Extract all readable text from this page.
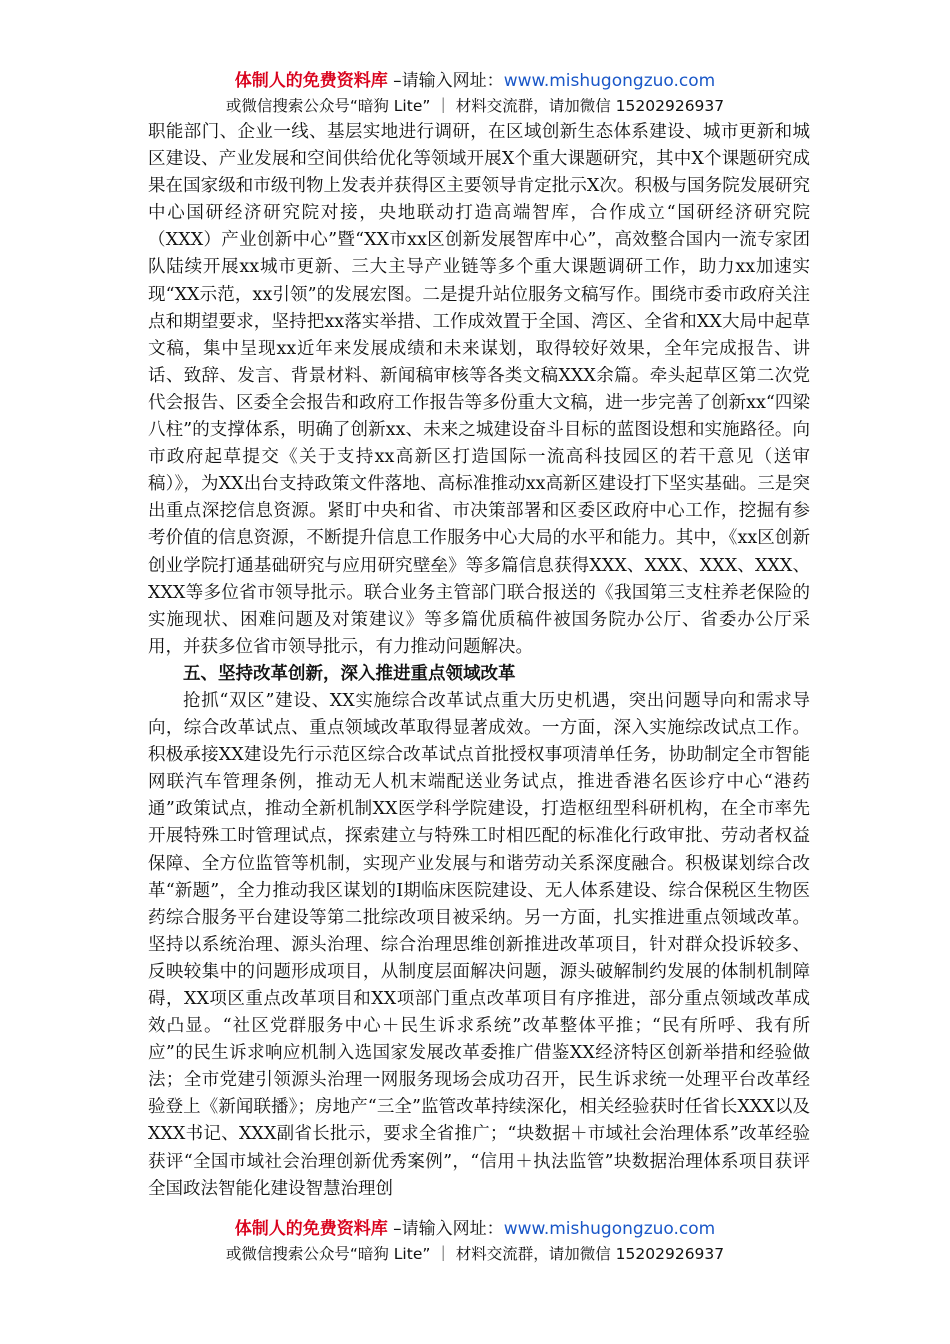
体制人的免费资料库 –请输入网址：www.mishugongzuo.com
或微信搜索公众号“暗狗 Lite” ｜ 材料交流群，请加微信 15202926937

职能部门、企业一线、基层实地进行调研，在区域创新生态体系建设、城市更新和城区建设、产业发展和空间供给优化等领域开展X个重大课题研究，其中X个课题研究成果在国家级和市级刊物上发表并获得区主要领导肯定批示X次。积极与国务院发展研究中心国研经济研究院对接，央地联动打造高端智库，合作成立“国研经济研究院（XXX）产业创新中心”暨“XX市xx区创新发展智库中心”，高效整合国内一流专家团队陆续开展xx城市更新、三大主导产业链等多个重大课题调研工作，助力xx加速实现“XX示范，xx引领”的发展宏图。二是提升站位服务文稿写作。围绕市委市政府关注点和期望要求，坚持把xx落实举措、工作成效置于全国、湾区、全省和XX大局中起草文稿，集中呈现xx近年来发展成绩和未来谋划，取得较好效果，全年完成报告、讲话、致辞、发言、背景材料、新闻稿审核等各类文稿XXX余篇。牵头起草区第二次党代会报告、区委全会报告和政府工作报告等多份重大文稿，进一步完善了创新xx“四梁八柱”的支撑体系，明确了创新xx、未来之城建设奋斗目标的蓝图设想和实施路径。向市政府起草提交《关于支持xx高新区打造国际一流高科技园区的若干意见（送审稿）》，为XX出台支持政策文件落地、高标准推动xx高新区建设打下坚实基础。三是突出重点深挖信息资源。紧盯中央和省、市决策部署和区委区政府中心工作，挖掘有参考价值的信息资源，不断提升信息工作服务中心大局的水平和能力。其中，《xx区创新创业学院打通基础研究与应用研究壁垒》等多篇信息获得XXX、XXX、XXX、XXX、XXX等多位省市领导批示。联合业务主管部门联合报送的《我国第三支柱养老保险的实施现状、困难问题及对策建议》等多篇优质稿件被国务院办公厅、省委办公厅采用，并获多位省市领导批示，有力推动问题解决。

五、坚持改革创新，深入推进重点领域改革

抢抓“双区”建设、XX实施综合改革试点重大历史机遇，突出问题导向和需求导向，综合改革试点、重点领域改革取得显著成效。一方面，深入实施综改试点工作。积极承接XX建设先行示范区综合改革试点首批授权事项清单任务，协助制定全市智能网联汽车管理条例，推动无人机末端配送业务试点，推进香港名医诊疗中心“港药通”政策试点，推动全新机制XX医学科学院建设，打造枢纽型科研机构，在全市率先开展特殊工时管理试点，探索建立与特殊工时相匹配的标准化行政审批、劳动者权益保障、全方位监管等机制，实现产业发展与和谐劳动关系深度融合。积极谋划综合改革“新题”，全力推动我区谋划的I期临床医院建设、无人体系建设、综合保税区生物医药综合服务平台建设等第二批综改项目被采纳。另一方面，扎实推进重点领域改革。坚持以系统治理、源头治理、综合治理思维创新推进改革项目，针对群众投诉较多、反映较集中的问题形成项目，从制度层面解决问题，源头破解制约发展的体制机制障碍，XX项区重点改革项目和XX项部门重点改革项目有序推进，部分重点领域改革成效凸显。“社区党群服务中心＋民生诉求系统”改革整体平推；“民有所呼、我有所应”的民生诉求响应机制入选国家发展改革委推广借鉴XX经济特区创新举措和经验做法；全市党建引领源头治理一网服务现场会成功召开，民生诉求统一处理平台改革经验登上《新闻联播》；房地产“三全”监管改革持续深化，相关经验获时任省长XXX以及XXX书记、XXX副省长批示，要求全省推广；“块数据＋市域社会治理体系”改革经验获评“全国市域社会治理创新优秀案例”，“信用＋执法监管”块数据治理体系项目获评全国政法智能化建设智慧治理创

体制人的免费资料库 –请输入网址：www.mishugongzuo.com
或微信搜索公众号“暗狗 Lite” ｜ 材料交流群，请加微信 15202926937
